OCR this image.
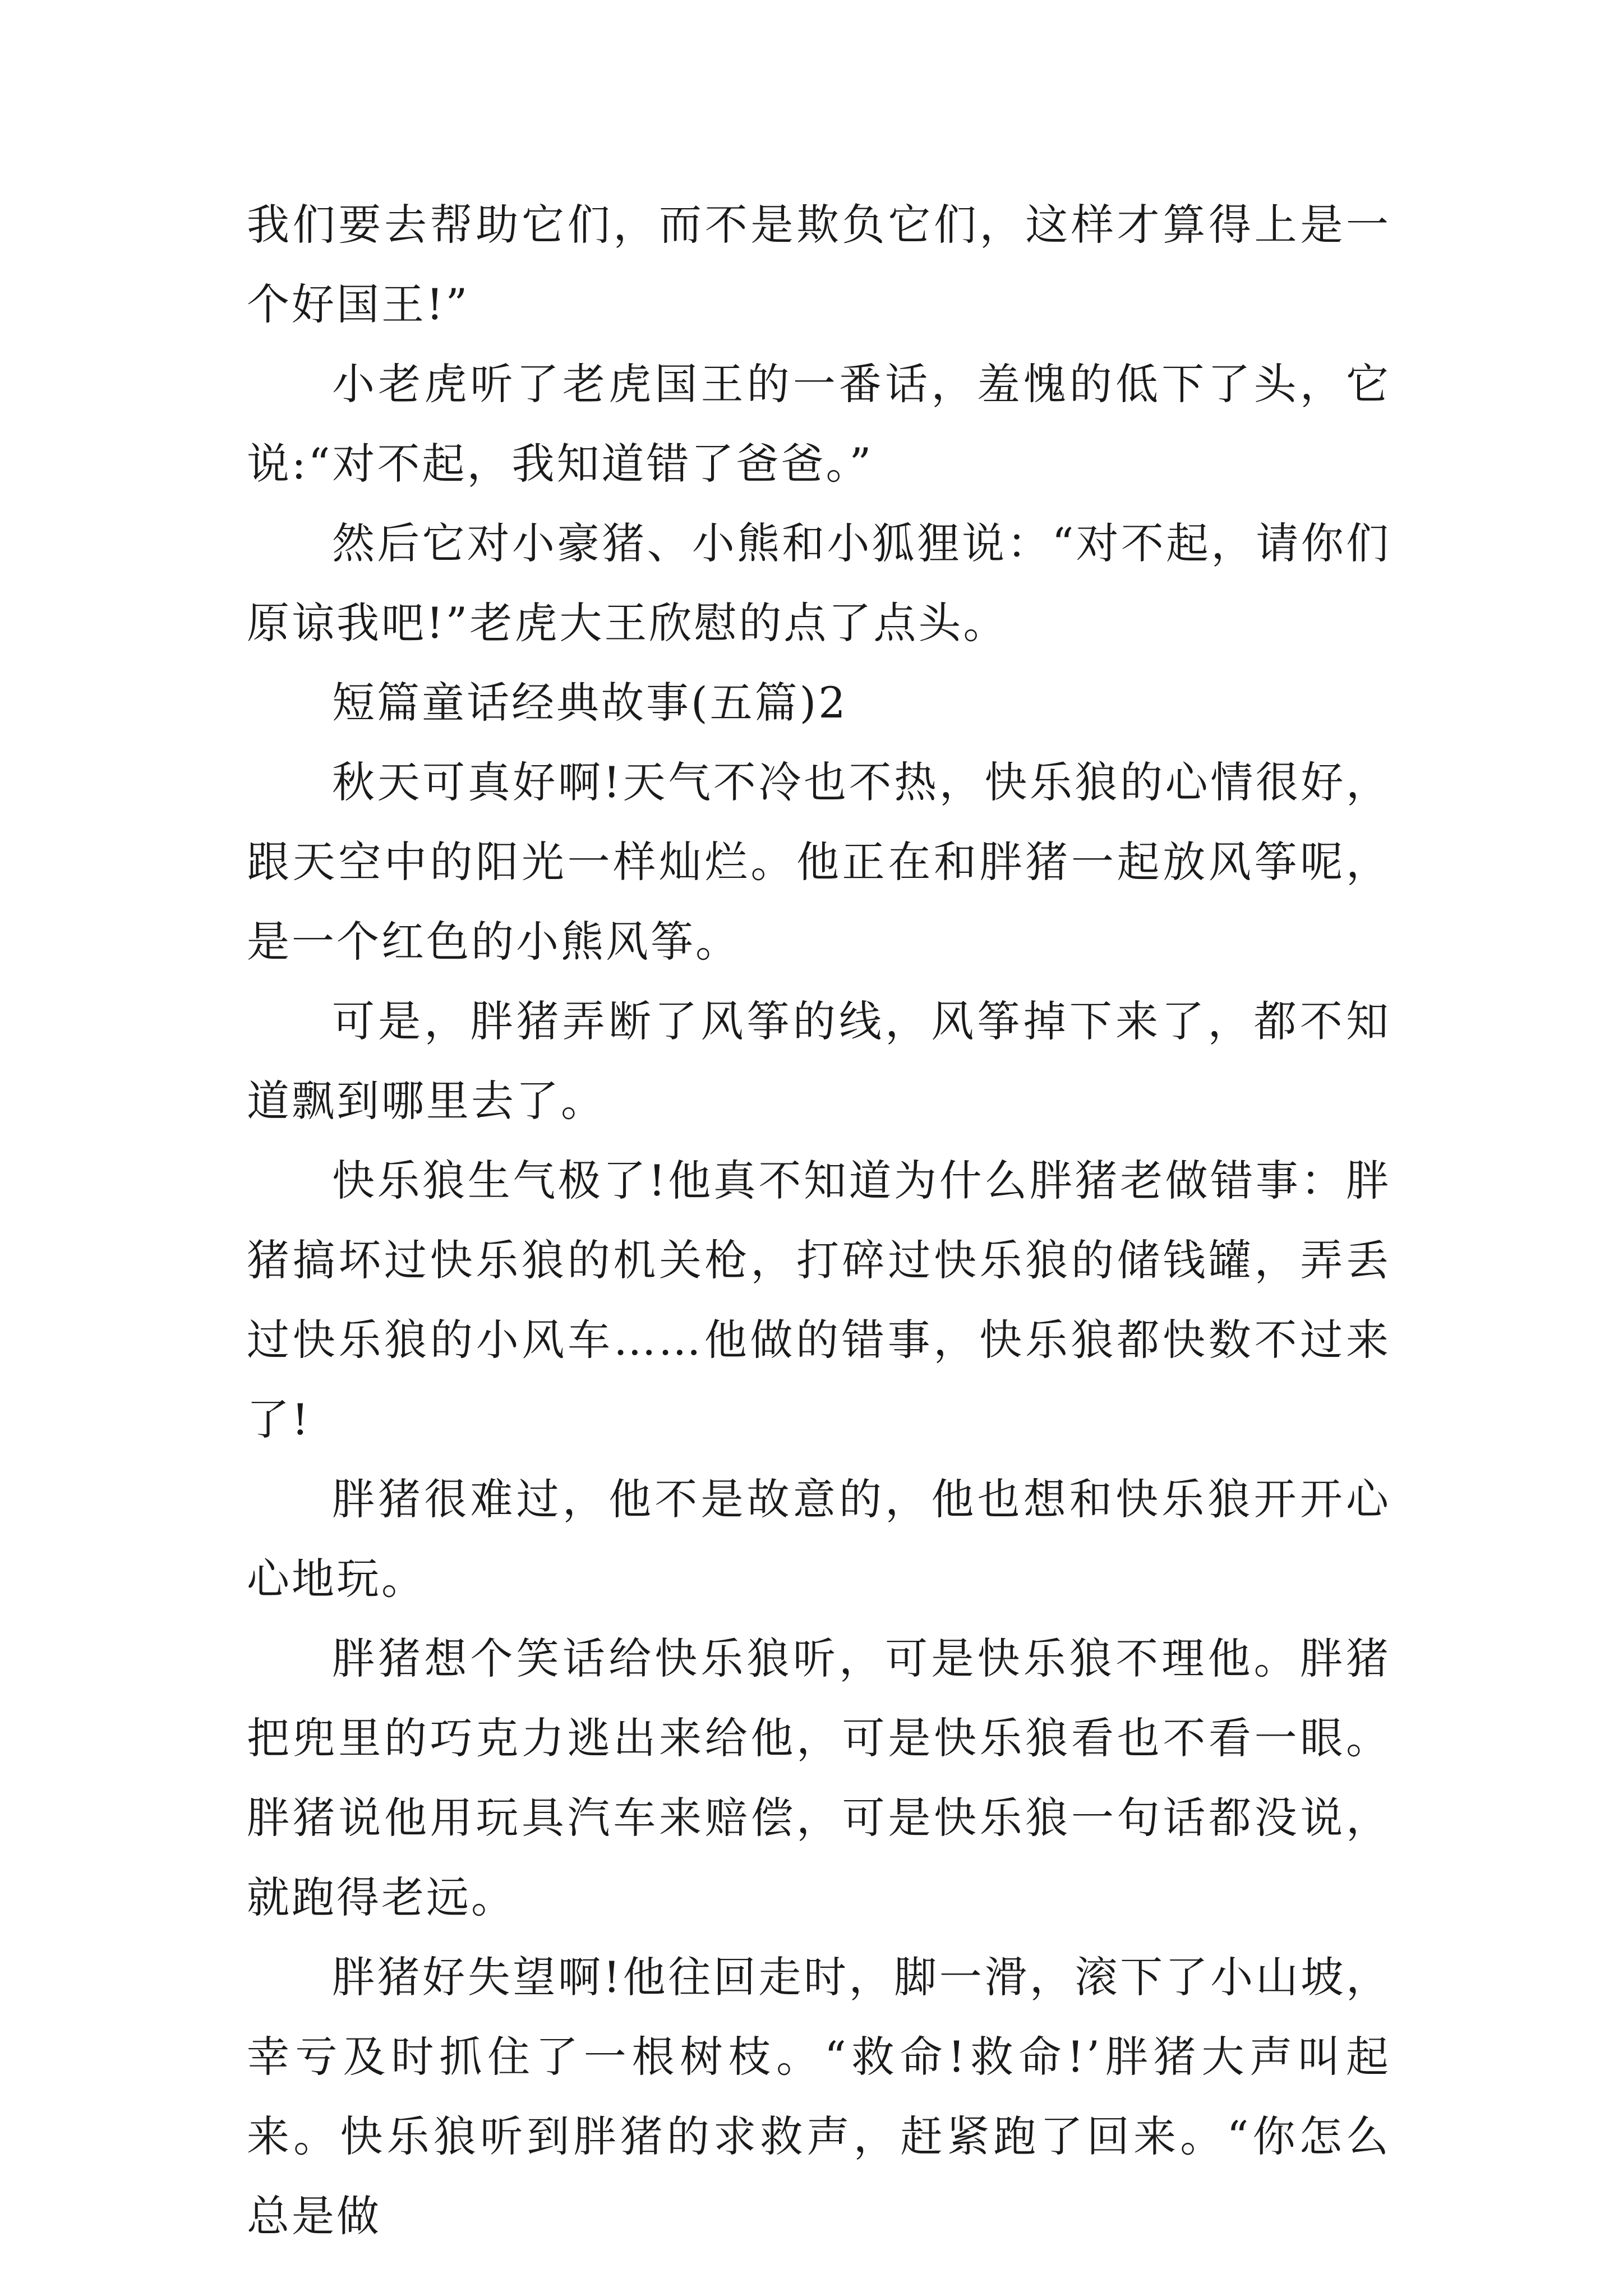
我们要去帮助它们，而不是欺负它们，这样才算得上是一个好国王!”

小老虎听了老虎国王的一番话，羞愧的低下了头，它说:“对不起，我知道错了爸爸。”

然后它对小豪猪、小熊和小狐狸说：“对不起，请你们原谅我吧!”老虎大王欣慰的点了点头。

短篇童话经典故事(五篇)2

秋天可真好啊!天气不冷也不热，快乐狼的心情很好，跟天空中的阳光一样灿烂。他正在和胖猪一起放风筝呢，是一个红色的小熊风筝。

可是，胖猪弄断了风筝的线，风筝掉下来了，都不知道飘到哪里去了。

快乐狼生气极了!他真不知道为什么胖猪老做错事：胖猪搞坏过快乐狼的机关枪，打碎过快乐狼的储钱罐，弄丢过快乐狼的小风车……他做的错事，快乐狼都快数不过来了!

胖猪很难过，他不是故意的，他也想和快乐狼开开心心地玩。

胖猪想个笑话给快乐狼听，可是快乐狼不理他。胖猪把兜里的巧克力逃出来给他，可是快乐狼看也不看一眼。胖猪说他用玩具汽车来赔偿，可是快乐狼一句话都没说，就跑得老远。

胖猪好失望啊!他往回走时，脚一滑，滚下了小山坡，幸亏及时抓住了一根树枝。“救命!救命!’胖猪大声叫起来。快乐狼听到胖猪的求救声，赶紧跑了回来。“你怎么总是做
